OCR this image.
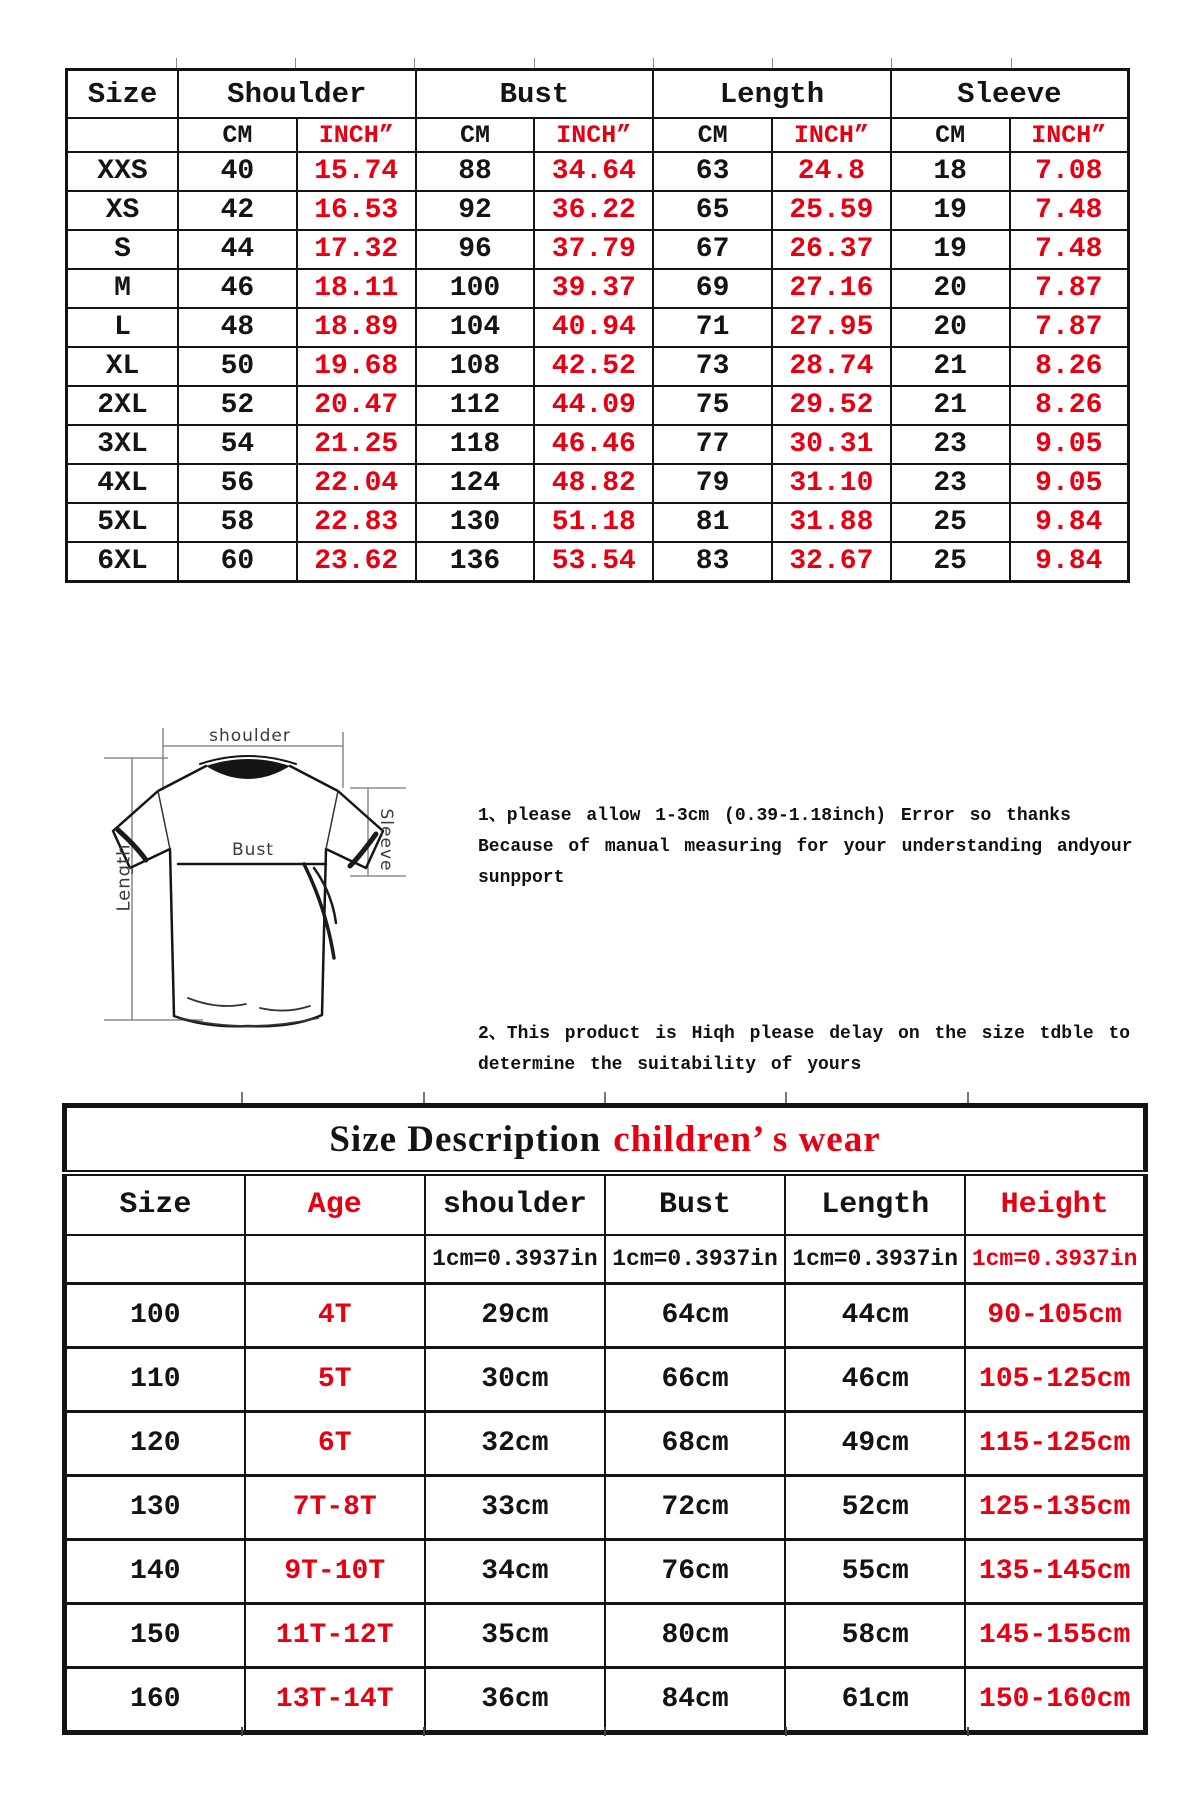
Size	Shoulder		Bust		Length		Sleeve	
	CM	INCH”	CM	INCH”	CM	INCH”	CM	INCH”
XXS	40	15.74	88	34.64	63	24.8	18	7.08
XS	42	16.53	92	36.22	65	25.59	19	7.48
S	44	17.32	96	37.79	67	26.37	19	7.48
M	46	18.11	100	39.37	69	27.16	20	7.87
L	48	18.89	104	40.94	71	27.95	20	7.87
XL	50	19.68	108	42.52	73	28.74	21	8.26
2XL	52	20.47	112	44.09	75	29.52	21	8.26
3XL	54	21.25	118	46.46	77	30.31	23	9.05
4XL	56	22.04	124	48.82	79	31.10	23	9.05
5XL	58	22.83	130	51.18	81	31.88	25	9.84
6XL	60	23.62	136	53.54	83	32.67	25	9.84
shoulder
Length	Bust	Sleeve	1、please allow 1-3cm (0.39-1.18inch) Error so thanks
Because of manual measuring for your understanding andyour
sunpport
2、This product is Hiqh please delay on the size tdble to
determine the suitability of yours
Size Description children’ s wear					
Size	Age	shoulder	Bust	Length	Height
		1cm=0.3937in	1cm=0.3937in	1cm=0.3937in	1cm=0.3937in
100	4T	29cm	64cm	44cm	90-105cm
110	5T	30cm	66cm	46cm	105-125cm
120	6T	32cm	68cm	49cm	115-125cm
130	7T-8T	33cm	72cm	52cm	125-135cm
140	9T-10T	34cm	76cm	55cm	135-145cm
150	11T-12T	35cm	80cm	58cm	145-155cm
160	13T-14T	36cm	84cm	61cm	150-160cm
